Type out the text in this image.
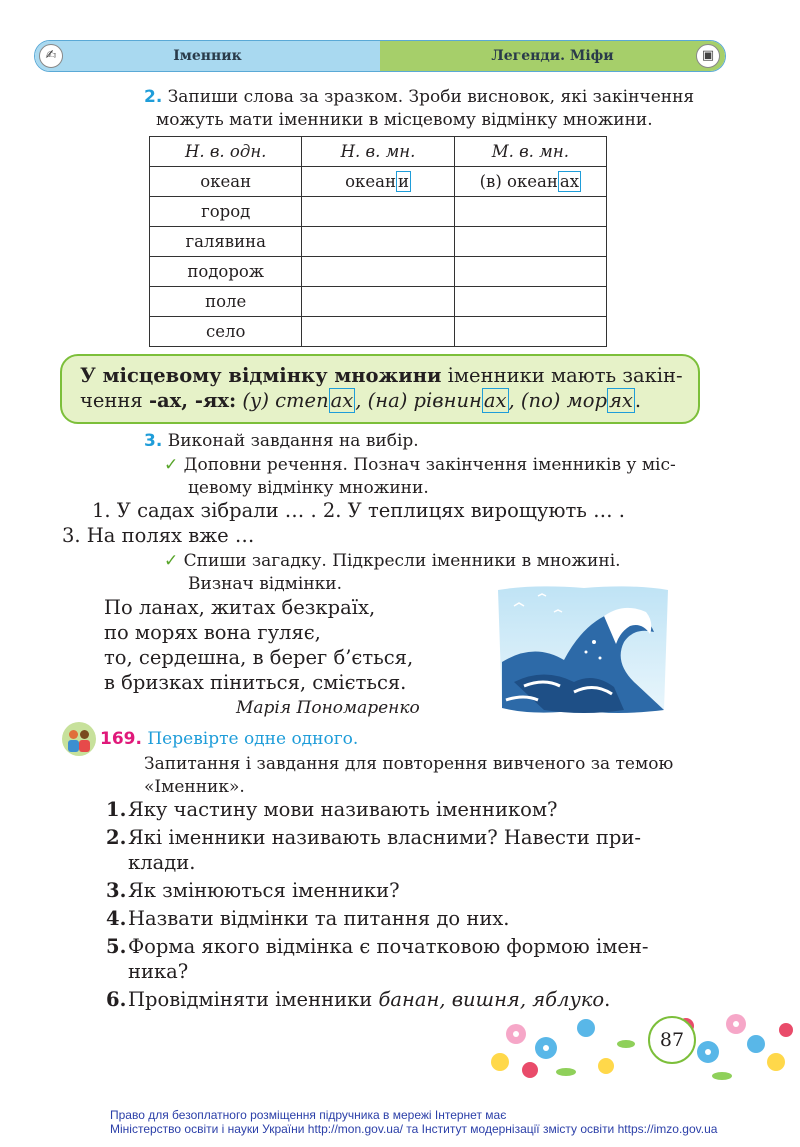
✍	Іменник	Легенди. Міфи	▣
2. Запиши слова за зразком. Зроби висновок, які закінчення
можуть мати іменники в місцевому відмінку множини.
Н. в. одн.	Н. в. мн.	М. в. мн.
океан	океан и	(в) океан ах
город		
галявина		
подорож		
поле		
село		
У місцевому відмінку множини іменники мають закін-
чення -ах, -ях: (у) степ ах , (на) рівнин ах , (по) мор ях .
3. Виконай завдання на вибір.
✓ Доповни речення. Познач закінчення іменників у міс-
цевому відмінку множини.
1. У садах зібрали … . 2. У теплицях вирощують … .
3. На полях вже …
✓ Спиши загадку. Підкресли іменники в множині.
Визнач відмінки.
По ланах, житах безкраїх,
по морях вона гуляє,
то, сердешна, в берег б’ється,
в бризках піниться, сміється.
Марія Пономаренко
169. Перевірте одне одного.
Запитання і завдання для повторення вивченого за темою
«Іменник».
1. Яку частину мови називають іменником?
2. Які іменники називають власними? Навести при-
клади.
3. Як змінюються іменники?
4. Назвати відмінки та питання до них.
5. Форма якого відмінка є початковою формою імен-
ника?
6. Провідміняти іменники банан, вишня, яблуко.
87
Право для безоплатного розміщення підручника в мережі Інтернет має
Міністерство освіти і науки України http://mon.gov.ua/ та Інститут модернізації змісту освіти https://imzo.gov.ua
